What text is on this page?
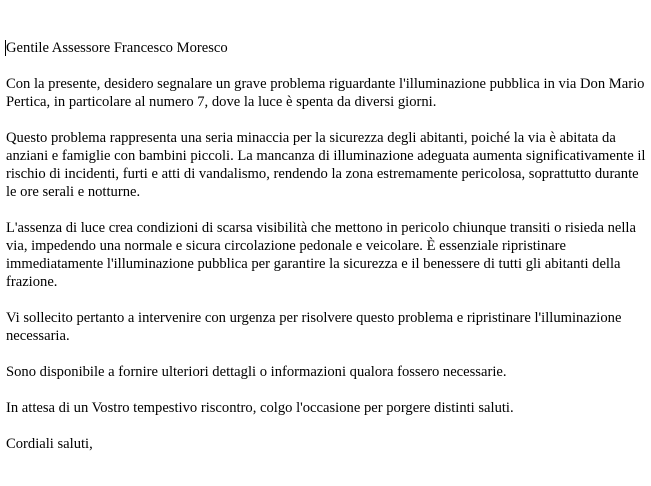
Gentile Assessore Francesco Moresco

Con la presente, desidero segnalare un grave problema riguardante l'illuminazione pubblica in via Don Mario Pertica, in particolare al numero 7, dove la luce è spenta da diversi giorni.

Questo problema rappresenta una seria minaccia per la sicurezza degli abitanti, poiché la via è abitata da anziani e famiglie con bambini piccoli. La mancanza di illuminazione adeguata aumenta significativamente il rischio di incidenti, furti e atti di vandalismo, rendendo la zona estremamente pericolosa, soprattutto durante le ore serali e notturne.

L'assenza di luce crea condizioni di scarsa visibilità che mettono in pericolo chiunque transiti o risieda nella via, impedendo una normale e sicura circolazione pedonale e veicolare. È essenziale ripristinare immediatamente l'illuminazione pubblica per garantire la sicurezza e il benessere di tutti gli abitanti della frazione.

Vi sollecito pertanto a intervenire con urgenza per risolvere questo problema e ripristinare l'illuminazione necessaria.

Sono disponibile a fornire ulteriori dettagli o informazioni qualora fossero necessarie.

In attesa di un Vostro tempestivo riscontro, colgo l'occasione per porgere distinti saluti.

Cordiali saluti,
